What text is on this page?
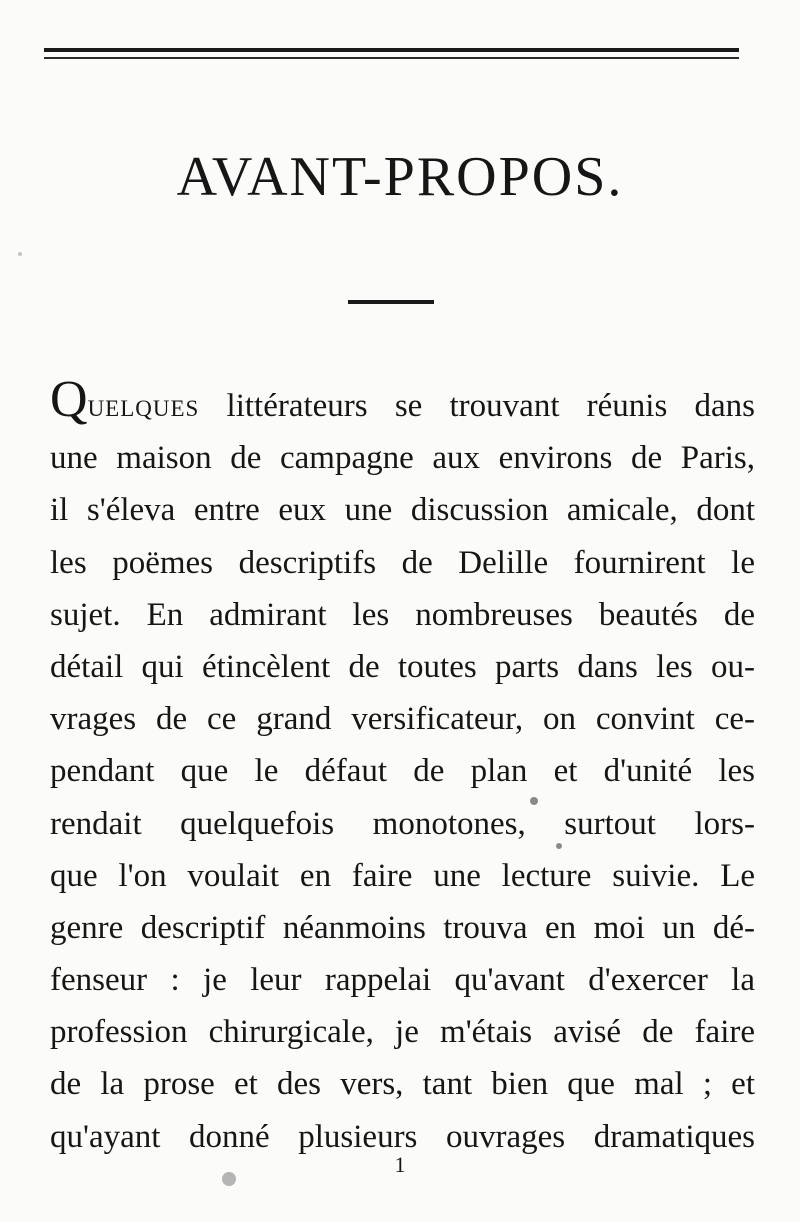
AVANT-PROPOS.
Quelques littérateurs se trouvant réunis dans
une maison de campagne aux environs de Paris,
il s'éleva entre eux une discussion amicale, dont
les poëmes descriptifs de Delille fournirent le
sujet. En admirant les nombreuses beautés de
détail qui étincèlent de toutes parts dans les ou-
vrages de ce grand versificateur, on convint ce-
pendant que le défaut de plan et d'unité les
rendait quelquefois monotones, surtout lors-
que l'on voulait en faire une lecture suivie. Le
genre descriptif néanmoins trouva en moi un dé-
fenseur : je leur rappelai qu'avant d'exercer la
profession chirurgicale, je m'étais avisé de faire
de la prose et des vers, tant bien que mal ; et
qu'ayant donné plusieurs ouvrages dramatiques
1
